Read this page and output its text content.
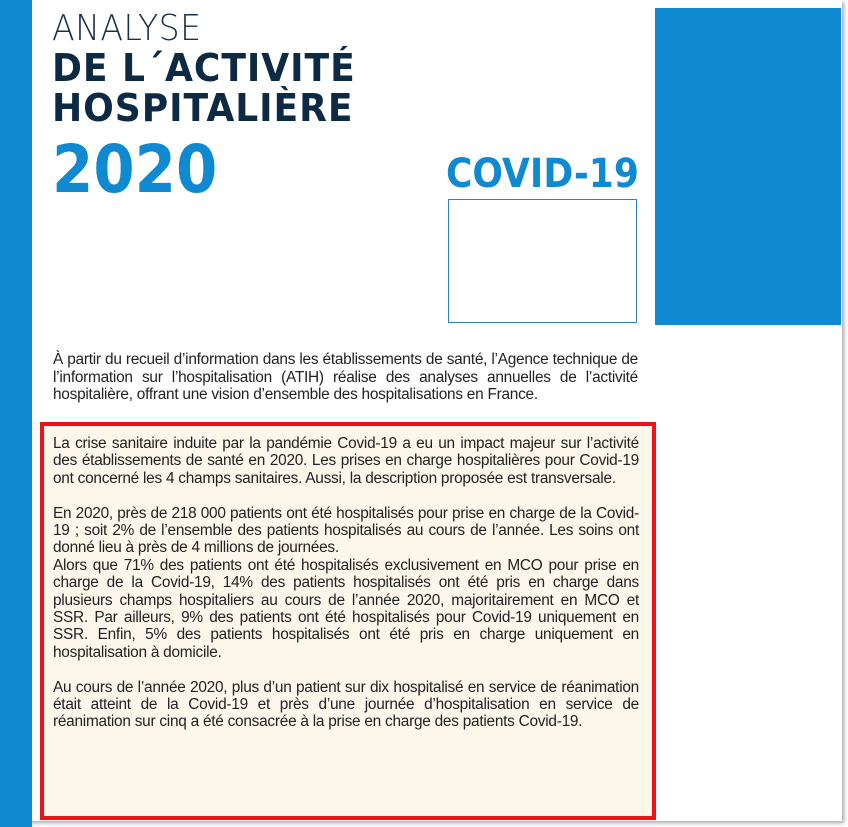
ANALYSE
DE L´ACTIVITÉ
HOSPITALIÈRE
2020	COVID-19
À partir du recueil d’information dans les établissements de santé, l’Agence technique de l’information sur l’hospitalisation (ATIH) réalise des analyses annuelles de l’activité hospitalière, offrant une vision d’ensemble des hospitalisations en France.

La crise sanitaire induite par la pandémie Covid-19 a eu un impact majeur sur l’activité des établissements de santé en 2020. Les prises en charge hospitalières pour Covid-19 ont concerné les 4 champs sanitaires. Aussi, la description proposée est transversale.

En 2020, près de 218 000 patients ont été hospitalisés pour prise en charge de la Covid-19 ; soit 2% de l’ensemble des patients hospitalisés au cours de l’année. Les soins ont donné lieu à près de 4 millions de journées.

Alors que 71% des patients ont été hospitalisés exclusivement en MCO pour prise en charge de la Covid-19, 14% des patients hospitalisés ont été pris en charge dans plusieurs champs hospitaliers au cours de l’année 2020, majoritairement en MCO et SSR. Par ailleurs, 9% des patients ont été hospitalisés pour Covid-19 uniquement en SSR. Enfin, 5% des patients hospitalisés ont été pris en charge uniquement en hospitalisation à domicile.

Au cours de l’année 2020, plus d’un patient sur dix hospitalisé en service de réanimation était atteint de la Covid-19 et près d’une journée d’hospitalisation en service de réanimation sur cinq a été consacrée à la prise en charge des patients Covid-19.
